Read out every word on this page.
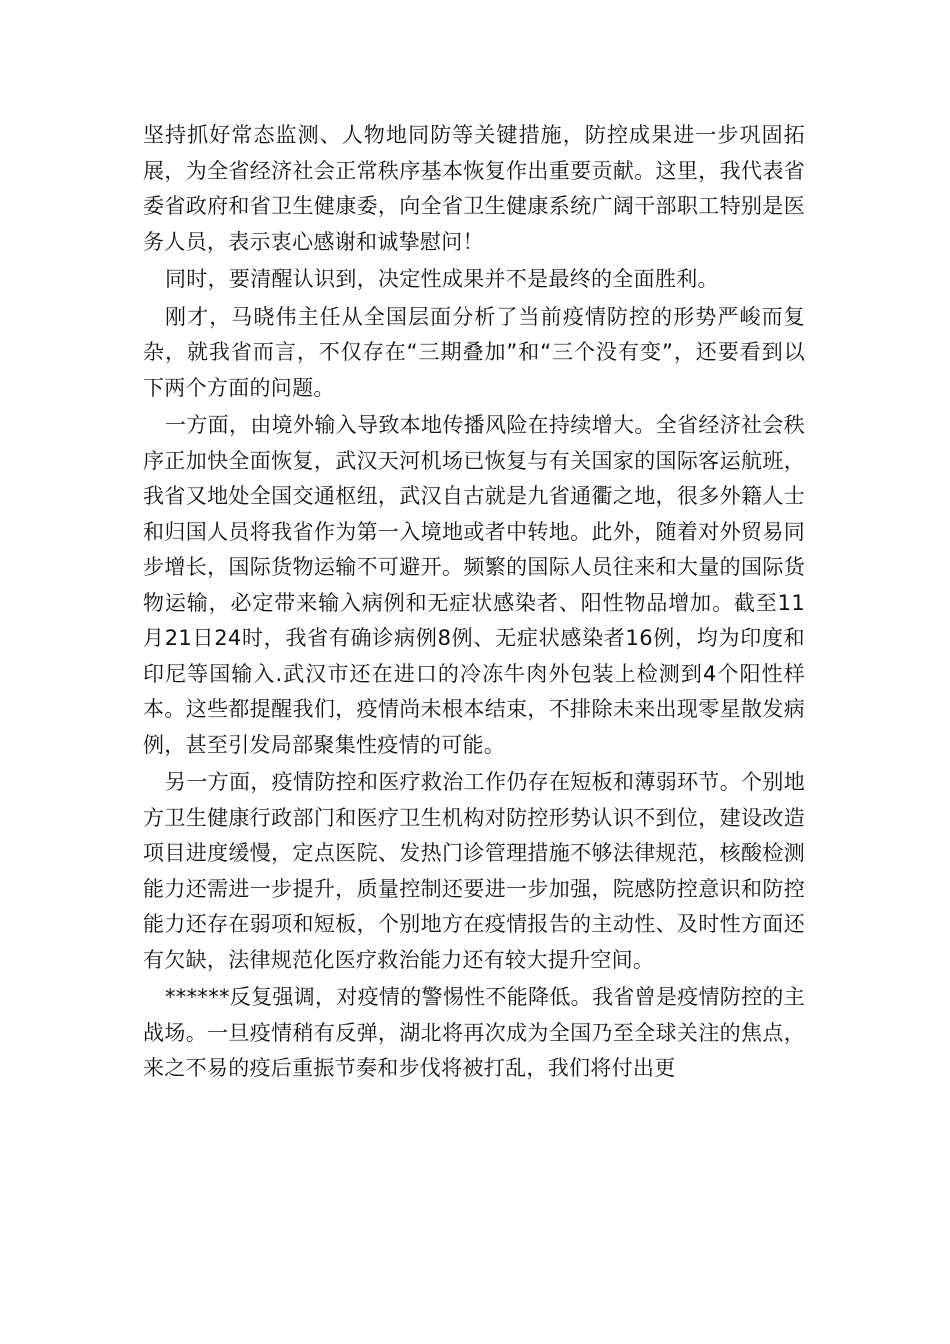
坚持抓好常态监测、人物地同防等关键措施，防控成果进一步巩固拓展，为全省经济社会正常秩序基本恢复作出重要贡献。这里，我代表省委省政府和省卫生健康委，向全省卫生健康系统广阔干部职工特别是医务人员，表示衷心感谢和诚挚慰问！

同时，要清醒认识到，决定性成果并不是最终的全面胜利。

刚才，马晓伟主任从全国层面分析了当前疫情防控的形势严峻而复杂，就我省而言，不仅存在“三期叠加”和“三个没有变”，还要看到以下两个方面的问题。

一方面，由境外输入导致本地传播风险在持续增大。全省经济社会秩序正加快全面恢复，武汉天河机场已恢复与有关国家的国际客运航班，我省又地处全国交通枢纽，武汉自古就是九省通衢之地，很多外籍人士和归国人员将我省作为第一入境地或者中转地。此外，随着对外贸易同步增长，国际货物运输不可避开。频繁的国际人员往来和大量的国际货物运输，必定带来输入病例和无症状感染者、阳性物品增加。截至11月21日24时，我省有确诊病例8例、无症状感染者16例，均为印度和印尼等国输入.武汉市还在进口的冷冻牛肉外包装上检测到4个阳性样本。这些都提醒我们，疫情尚未根本结束，不排除未来出现零星散发病例，甚至引发局部聚集性疫情的可能。

另一方面，疫情防控和医疗救治工作仍存在短板和薄弱环节。个别地方卫生健康行政部门和医疗卫生机构对防控形势认识不到位，建设改造项目进度缓慢，定点医院、发热门诊管理措施不够法律规范，核酸检测能力还需进一步提升，质量控制还要进一步加强，院感防控意识和防控能力还存在弱项和短板，个别地方在疫情报告的主动性、及时性方面还有欠缺，法律规范化医疗救治能力还有较大提升空间。

******反复强调，对疫情的警惕性不能降低。我省曾是疫情防控的主战场。一旦疫情稍有反弹，湖北将再次成为全国乃至全球关注的焦点，来之不易的疫后重振节奏和步伐将被打乱，我们将付出更
